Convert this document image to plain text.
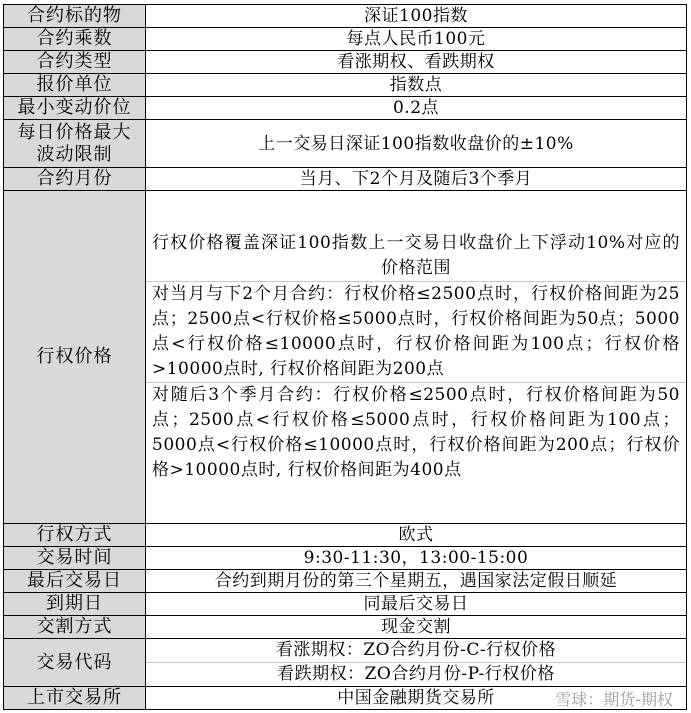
合约标的物	深证100指数
合约乘数	每点人民币100元
合约类型	看涨期权、看跌期权
报价单位	指数点
最小变动价位	0.2点

每日价格最大
波动限制	上一交易日深证100指数收盘价的±10%
合约月份	当月、下2个月及随后3个季月
行权价格	行权价格覆盖深证100指数上一交易日收盘价上下浮动10%对应的价格范围
对当月与下2个月合约：行权价格≤2500点时，行权价格间距为25点；2500点<行权价格≤5000点时，行权价格间距为50点；5000点<行权价格≤10000点时，行权价格间距为100点；行权价格>10000点时, 行权价格间距为200点
对随后3个季月合约：行权价格≤2500点时，行权价格间距为50点；2500点<行权价格≤5000点时，行权价格间距为100点；5000点<行权价格≤10000点时，行权价格间距为200点；行权价格>10000点时, 行权价格间距为400点

行权方式	欧式
交易时间	9:30-11:30，13:00-15:00
最后交易日	合约到期月份的第三个星期五，遇国家法定假日顺延
到期日	同最后交易日
交割方式	现金交割
交易代码	看涨期权：ZO合约月份-C-行权价格
看跌期权：ZO合约月份-P-行权价格

上市交易所	中国金融期货交易所	雪球：期货-期权
